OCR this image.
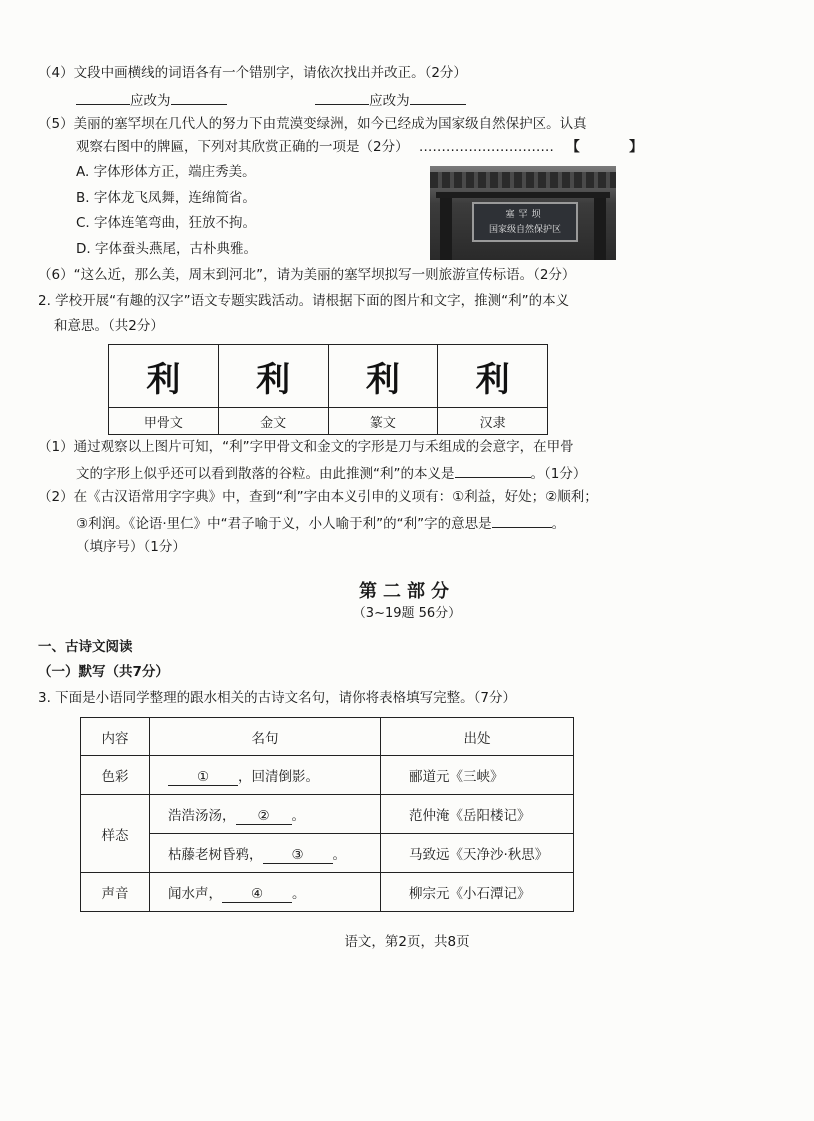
（4）文段中画横线的词语各有一个错别字，请依次找出并改正。（2分）
应改为	应改为
（5）美丽的塞罕坝在几代人的努力下由荒漠变绿洲，如今已经成为国家级自然保护区。认真
观察右图中的牌匾，下列对其欣赏正确的一项是（2分） ………………………… 【　】
A. 字体形体方正，端庄秀美。
B. 字体龙飞凤舞，连绵简省。
C. 字体连笔弯曲，狂放不拘。
D. 字体蚕头燕尾，古朴典雅。
塞罕坝
国家级自然保护区
（6）“这么近，那么美，周末到河北”，请为美丽的塞罕坝拟写一则旅游宣传标语。（2分）
2. 学校开展“有趣的汉字”语文专题实践活动。请根据下面的图片和文字，推测“利”的本义
和意思。（共2分）
利	利	利	利
甲骨文	金文	篆文	汉隶
（1）通过观察以上图片可知，“利”字甲骨文和金文的字形是刀与禾组成的会意字，在甲骨
文的字形上似乎还可以看到散落的谷粒。由此推测“利”的本义是	。（1分）
（2）在《古汉语常用字字典》中，查到“利”字由本义引申的义项有：①利益，好处；②顺利；
③利润。《论语·里仁》中“君子喻于义，小人喻于利”的“利”字的意思是	。
（填序号）（1分）
第二部分
（3~19题 56分）
一、古诗文阅读
（一）默写（共7分）
3. 下面是小语同学整理的跟水相关的古诗文名句，请你将表格填写完整。（7分）
内容	名句	出处
色彩	① ，回清倒影。	郦道元《三峡》
样态	浩浩汤汤， ② 。	范仲淹《岳阳楼记》
	枯藤老树昏鸦， ③ 。	马致远《天净沙·秋思》
声音	闻水声， ④ 。	柳宗元《小石潭记》
语文，第2页，共8页
